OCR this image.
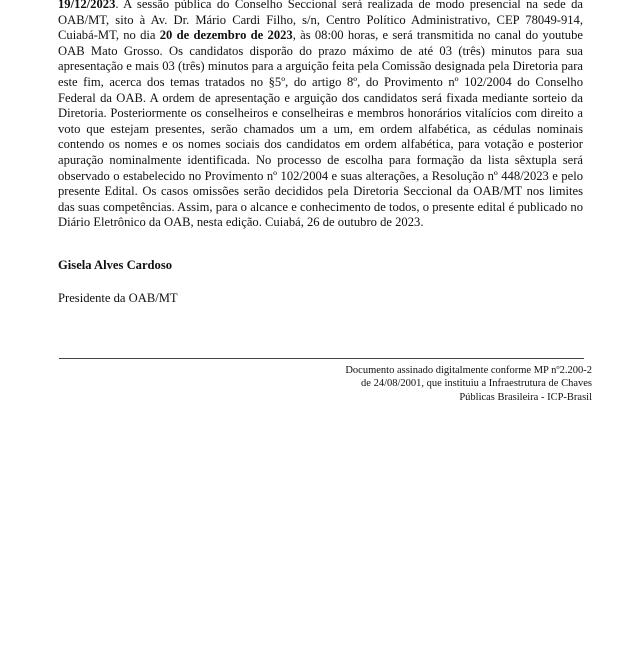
19/12/2023. A sessão pública do Conselho Seccional será realizada de modo presencial na sede da OAB/MT, sito à Av. Dr. Mário Cardi Filho, s/n, Centro Político Administrativo, CEP 78049-914, Cuiabá-MT, no dia 20 de dezembro de 2023, às 08:00 horas, e será transmitida no canal do youtube OAB Mato Grosso. Os candidatos disporão do prazo máximo de até 03 (três) minutos para sua apresentação e mais 03 (três) minutos para a arguição feita pela Comissão designada pela Diretoria para este fim, acerca dos temas tratados no §5º, do artigo 8º, do Provimento nº 102/2004 do Conselho Federal da OAB. A ordem de apresentação e arguição dos candidatos será fixada mediante sorteio da Diretoria. Posteriormente os conselheiros e conselheiras e membros honorários vitalícios com direito a voto que estejam presentes, serão chamados um a um, em ordem alfabética, as cédulas nominais contendo os nomes e os nomes sociais dos candidatos em ordem alfabética, para votação e posterior apuração nominalmente identificada. No processo de escolha para formação da lista sêxtupla será observado o estabelecido no Provimento nº 102/2004 e suas alterações, a Resolução nº 448/2023 e pelo presente Edital. Os casos omissões serão decididos pela Diretoria Seccional da OAB/MT nos limites das suas competências. Assim, para o alcance e conhecimento de todos, o presente edital é publicado no Diário Eletrônico da OAB, nesta edição. Cuiabá, 26 de outubro de 2023.

Gisela Alves Cardoso

Presidente da OAB/MT

Documento assinado digitalmente conforme MP nº2.200-2
de 24/08/2001, que instituiu a Infraestrutura de Chaves
Públicas Brasileira - ICP-Brasil
